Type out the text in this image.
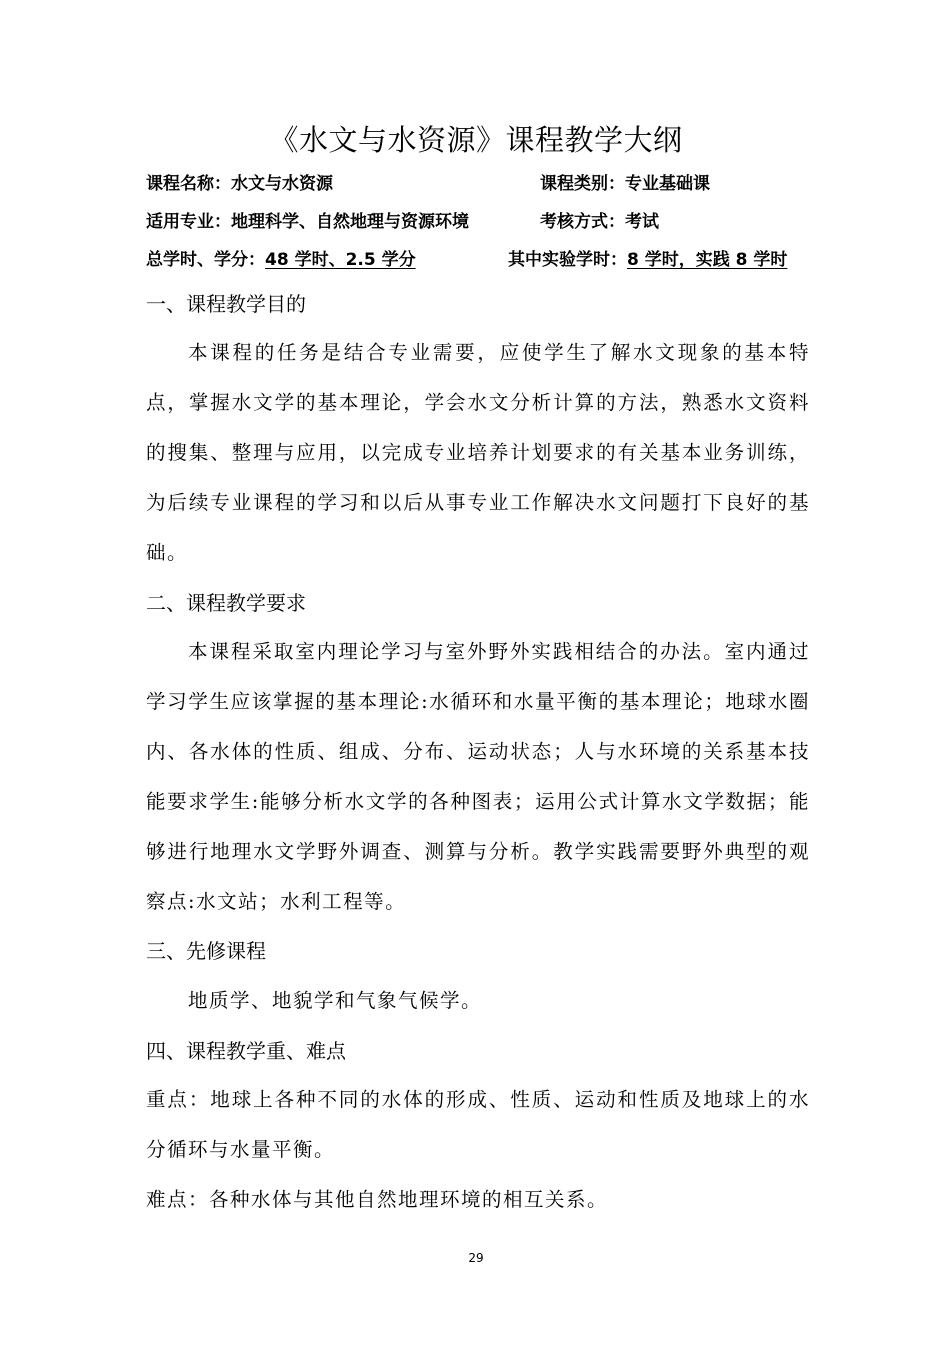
《水文与水资源》课程教学大纲
课程名称：水文与水资源	课程类别：专业基础课
适用专业：地理科学、自然地理与资源环境	考核方式：考试
总学时、学分：48 学时、2.5 学分	其中实验学时：8 学时，实践 8 学时
一、课程教学目的

本课程的任务是结合专业需要，应使学生了解水文现象的基本特点，掌握水文学的基本理论，学会水文分析计算的方法，熟悉水文资料的搜集、整理与应用，以完成专业培养计划要求的有关基本业务训练，为后续专业课程的学习和以后从事专业工作解决水文问题打下良好的基础。

二、课程教学要求

本课程采取室内理论学习与室外野外实践相结合的办法。室内通过学习学生应该掌握的基本理论:水循环和水量平衡的基本理论；地球水圈内、各水体的性质、组成、分布、运动状态；人与水环境的关系基本技能要求学生:能够分析水文学的各种图表；运用公式计算水文学数据；能够进行地理水文学野外调查、测算与分析。教学实践需要野外典型的观察点:水文站；水利工程等。

三、先修课程

地质学、地貌学和气象气候学。

四、课程教学重、难点

重点：地球上各种不同的水体的形成、性质、运动和性质及地球上的水分循环与水量平衡。

难点：各种水体与其他自然地理环境的相互关系。

29
